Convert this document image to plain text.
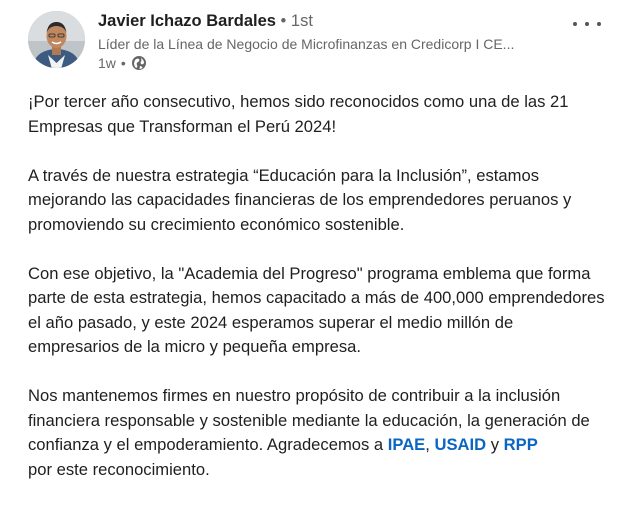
Javier Ichazo Bardales • 1st
Líder de la Línea de Negocio de Microfinanzas en Credicorp I CE...
1w •

¡Por tercer año consecutivo, hemos sido reconocidos como una de las 21 Empresas que Transforman el Perú 2024!

A través de nuestra estrategia “Educación para la Inclusión”, estamos mejorando las capacidades financieras de los emprendedores peruanos y promoviendo su crecimiento económico sostenible.

Con ese objetivo, la "Academia del Progreso" programa emblema que forma parte de esta estrategia, hemos capacitado a más de 400,000 emprendedores el año pasado, y este 2024 esperamos superar el medio millón de empresarios de la micro y pequeña empresa.

Nos mantenemos firmes en nuestro propósito de contribuir a la inclusión financiera responsable y sostenible mediante la educación, la generación de confianza y el empoderamiento. Agradecemos a IPAE, USAID y RPP
por este reconocimiento.
